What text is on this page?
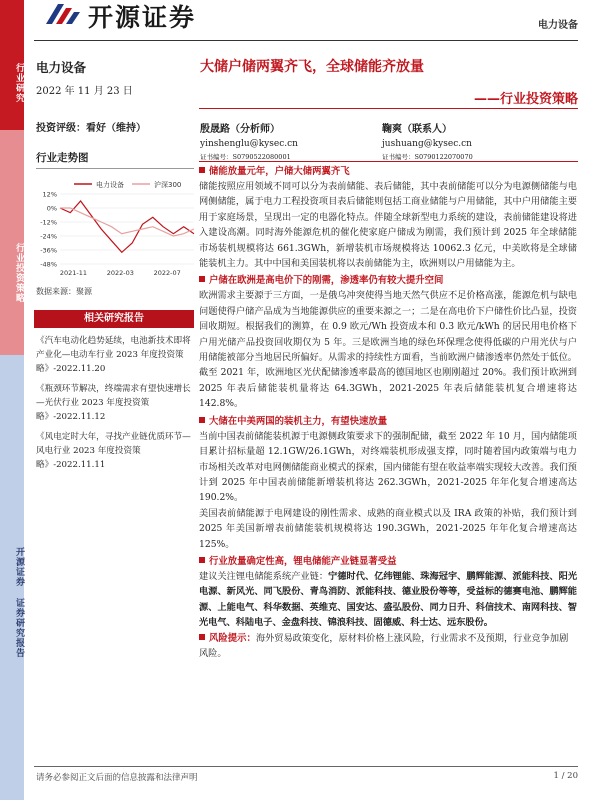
行业研究
行业投资策略
开源证券 证券研究报告
开源证券	电力设备
电力设备
2022 年 11 月 23 日
投资评级：看好（维持）
行业走势图
12%
0%
-12%
-24%
-36%
-48%
2021-11	2022-03	2022-07
电力设备	沪深300
数据来源：聚源
相关研究报告
《汽车电动化趋势延续，电池新技术即将产业化—电动车行业 2023 年度投资策略》-2022.11.20
《瓶颈环节解决，终端需求有望快速增长—光伏行业 2023 年度投资策略》-2022.11.12
《风电定时大年，寻找产业链优质环节—风电行业 2023 年度投资策略》-2022.11.11
大储户储两翼齐飞，全球储能齐放量
——行业投资策略
殷晟路（分析师）
yinshenglu@kysec.cn
证书编号：S0790522080001
鞠爽（联系人）
jushuang@kysec.cn
证书编号：S0790122070070
储能放量元年，户储大储两翼齐飞

储能按照应用领域不同可以分为表前储能、表后储能，其中表前储能可以分为电源侧储能与电网侧储能，属于电力工程投资项目表后储能则包括工商业储能与户用储能，其中户用储能主要用于家庭场景，呈现出一定的电器化特点。伴随全球新型电力系统的建设，表前储能建设将进入建设高潮。同时海外能源危机的催化使家庭户储成为刚需，我们预计到 2025 年全球储能市场装机规模将达 661.3GWh，新增装机市场规模将达 10062.3 亿元，中美欧将是全球储能装机主力。其中中国和美国装机将以表前储能为主，欧洲则以户用储能为主。

户储在欧洲是高电价下的刚需，渗透率仍有较大提升空间

欧洲需求主要源于三方面，一是俄乌冲突使得当地天然气供应不足价格高涨，能源危机与缺电问题使得户储产品成为当地能源供应的重要来源之一；二是在高电价下户储性价比凸显，投资回收期短。根据我们的测算，在 0.9 欧元/Wh 投资成本和 0.3 欧元/kWh 的居民用电价格下户用光储产品投资回收期仅为 5 年。三是欧洲当地的绿色环保理念使得低碳的户用光伏与户用储能被部分当地居民所偏好。从需求的持续性方面看，当前欧洲户储渗透率仍然处于低位。截至 2021 年，欧洲地区光伏配储渗透率最高的德国地区也刚刚超过 20%。我们预计欧洲到 2025 年表后储能装机量将达 64.3GWh，2021-2025 年表后储能装机复合增速将达 142.8%。

大储在中美两国的装机主力，有望快速放量

当前中国表前储能装机源于电源侧政策要求下的强制配储，截至 2022 年 10 月，国内储能项目累计招标量超 12.1GW/26.1GWh，对终端装机形成强支撑，同时随着国内政策端与电力市场相关改革对电网侧储能商业模式的探索，国内储能有望在收益率端实现较大改善。我们预计到 2025 年中国表前储能新增装机将达 262.3GWh，2021-2025 年年化复合增速高达 190.2%。

美国表前储能源于电网建设的刚性需求、成熟的商业模式以及 IRA 政策的补贴，我们预计到 2025 年美国新增表前储能装机规模将达 190.3GWh，2021-2025 年年化复合增速高达 125%。

行业放量确定性高，锂电储能产业链显著受益

建议关注锂电储能系统产业链：宁德时代、亿纬锂能、珠海冠宇、鹏辉能源、派能科技、阳光电源、新风光、同飞股份、青鸟消防、派能科技、德业股份等等，受益标的德赛电池、鹏辉能源、上能电气、科华数据、英维克、国安达、盛弘股份、同力日升、科信技术、南网科技、智光电气、科陆电子、金盘科技、锦浪科技、固德威、科士达、远东股份。

风险提示：海外贸易政策变化，原材料价格上涨风险，行业需求不及预期，行业竞争加剧风险。
请务必参阅正文后面的信息披露和法律声明	1 / 20
